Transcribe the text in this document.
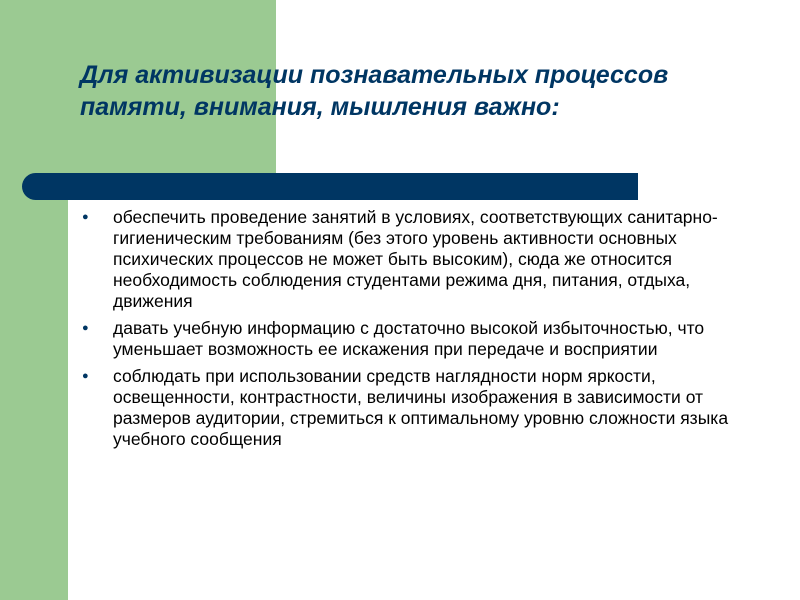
Для активизации познавательных процессов памяти, внимания, мышления важно:
● обеспечить проведение занятий в условиях, соответствующих санитарно-гигиеническим требованиям (без этого уровень активности основных психических процессов не может быть высоким), сюда же относится необходимость соблюдения студентами режима дня, питания, отдыха, движения
● давать учебную информацию с достаточно высокой избыточностью, что уменьшает возможность ее искажения при передаче и восприятии
● соблюдать при использовании средств наглядности норм яркости, освещенности, контрастности, величины изображения в зависимости от размеров аудитории, стремиться к оптимальному уровню сложности языка учебного сообщения
